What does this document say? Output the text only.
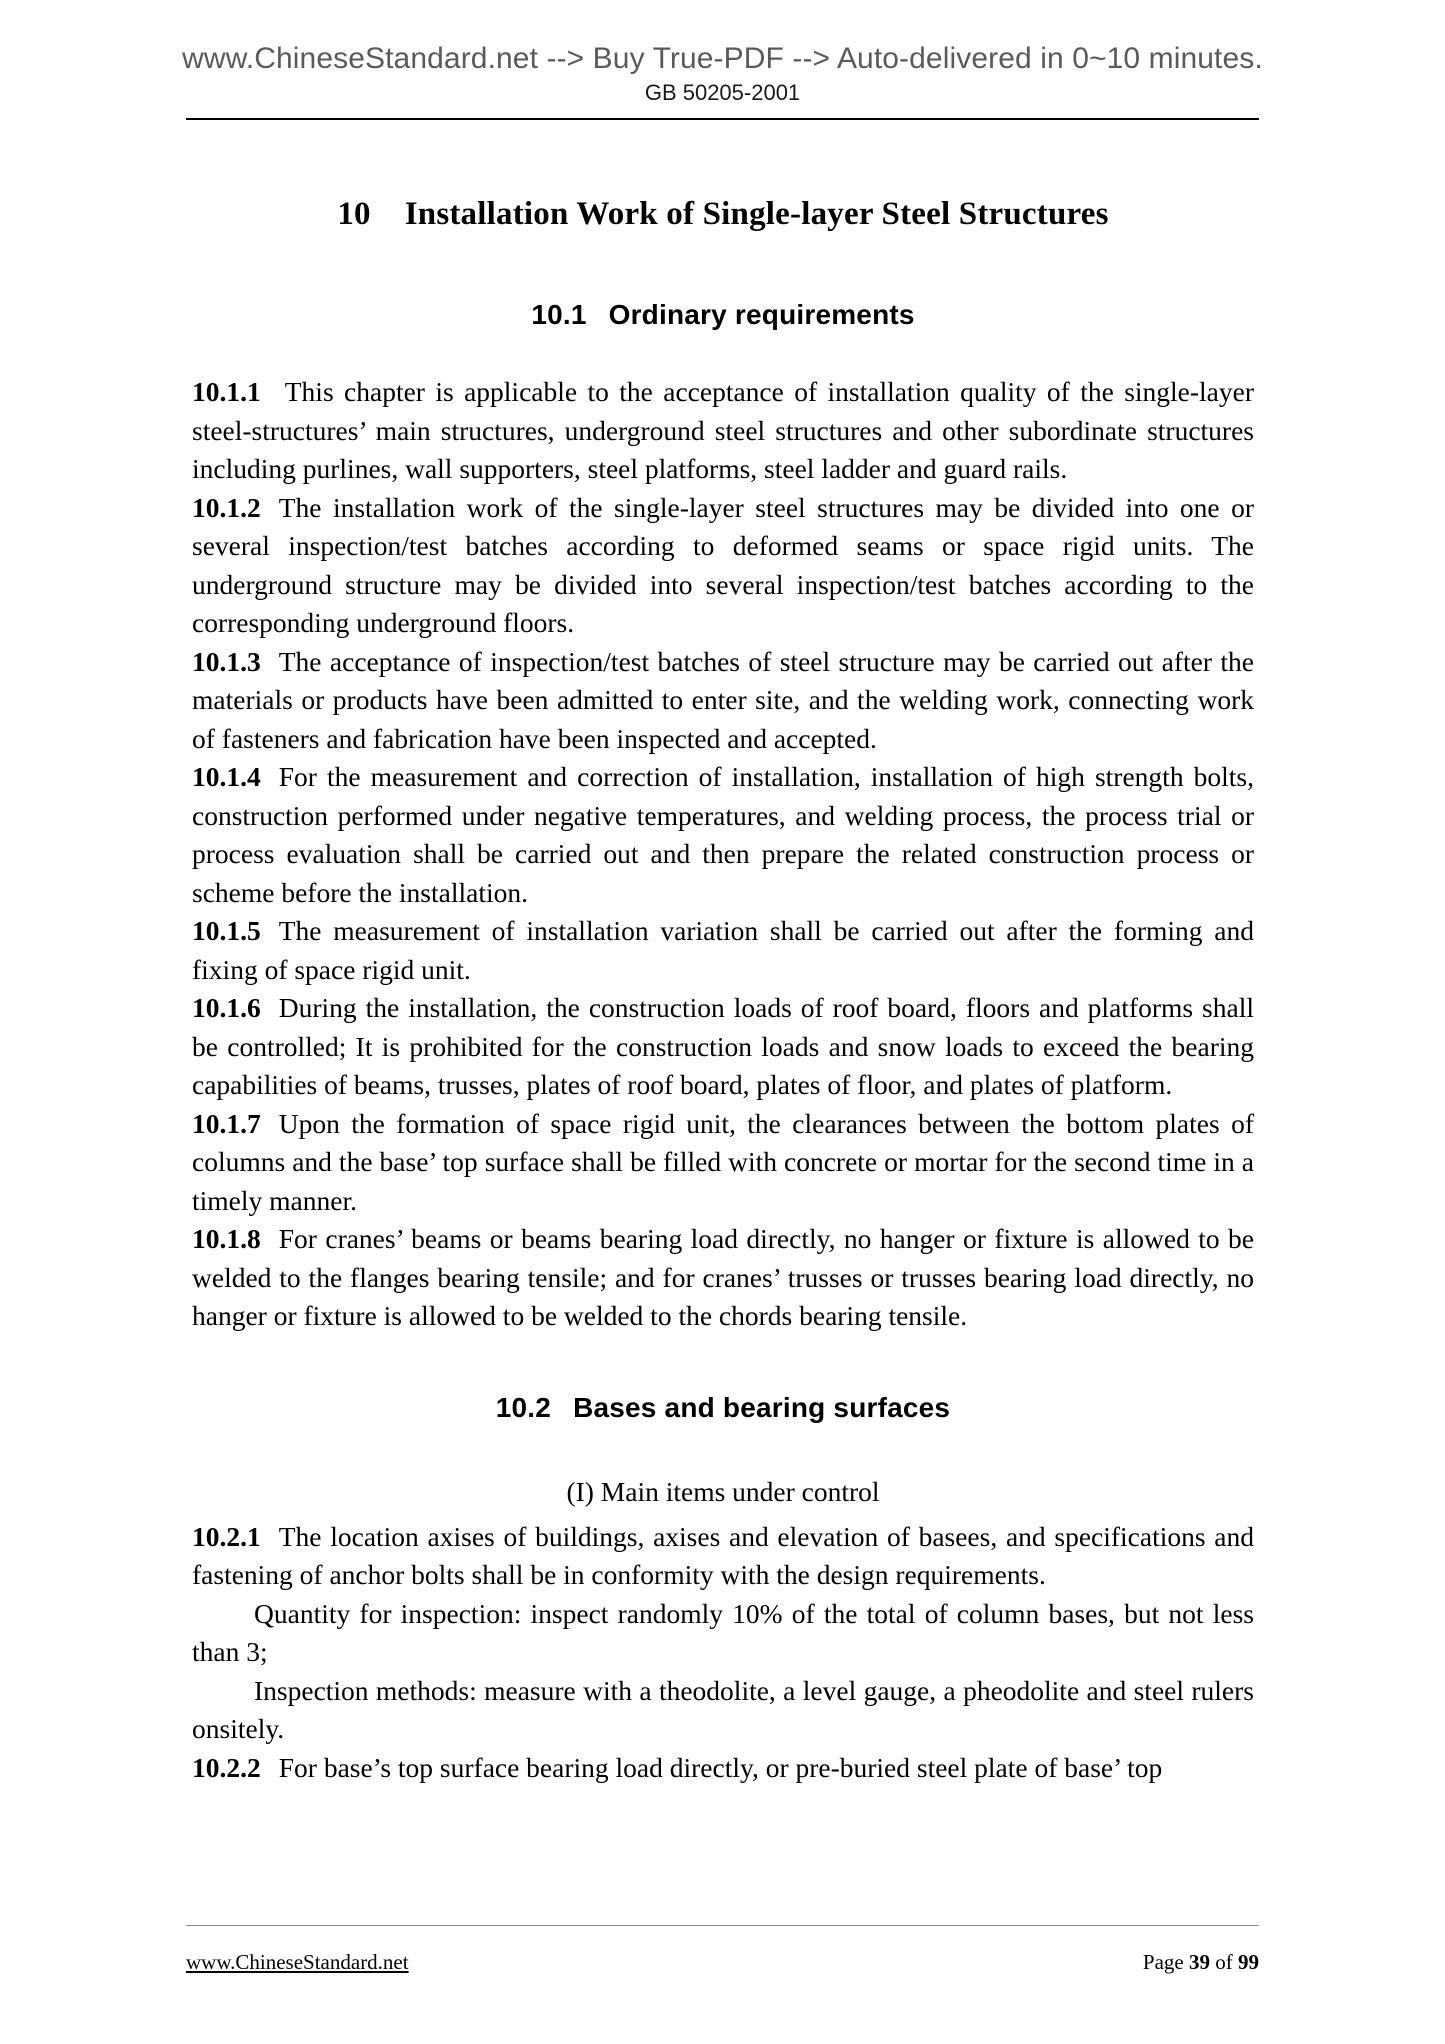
www.ChineseStandard.net --> Buy True-PDF --> Auto-delivered in 0~10 minutes.
GB 50205-2001
10 Installation Work of Single-layer Steel Structures
10.1 Ordinary requirements

10.1.1 This chapter is applicable to the acceptance of installation quality of the single-layer steel-structures’ main structures, underground steel structures and other subordinate structures including purlines, wall supporters, steel platforms, steel ladder and guard rails.

10.1.2 The installation work of the single-layer steel structures may be divided into one or several inspection/test batches according to deformed seams or space rigid units. The underground structure may be divided into several inspection/test batches according to the corresponding underground floors.

10.1.3 The acceptance of inspection/test batches of steel structure may be carried out after the materials or products have been admitted to enter site, and the welding work, connecting work of fasteners and fabrication have been inspected and accepted.

10.1.4 For the measurement and correction of installation, installation of high strength bolts, construction performed under negative temperatures, and welding process, the process trial or process evaluation shall be carried out and then prepare the related construction process or scheme before the installation.

10.1.5 The measurement of installation variation shall be carried out after the forming and fixing of space rigid unit.

10.1.6 During the installation, the construction loads of roof board, floors and platforms shall be controlled; It is prohibited for the construction loads and snow loads to exceed the bearing capabilities of beams, trusses, plates of roof board, plates of floor, and plates of platform.

10.1.7 Upon the formation of space rigid unit, the clearances between the bottom plates of columns and the base’ top surface shall be filled with concrete or mortar for the second time in a timely manner.

10.1.8 For cranes’ beams or beams bearing load directly, no hanger or fixture is allowed to be welded to the flanges bearing tensile; and for cranes’ trusses or trusses bearing load directly, no hanger or fixture is allowed to be welded to the chords bearing tensile.

10.2 Bases and bearing surfaces

(I) Main items under control

10.2.1 The location axises of buildings, axises and elevation of basees, and specifications and fastening of anchor bolts shall be in conformity with the design requirements.

Quantity for inspection: inspect randomly 10% of the total of column bases, but not less than 3;

Inspection methods: measure with a theodolite, a level gauge, a pheodolite and steel rulers onsitely.

10.2.2 For base’s top surface bearing load directly, or pre-buried steel plate of base’ top

www.ChineseStandard.net	Page 39 of 99
